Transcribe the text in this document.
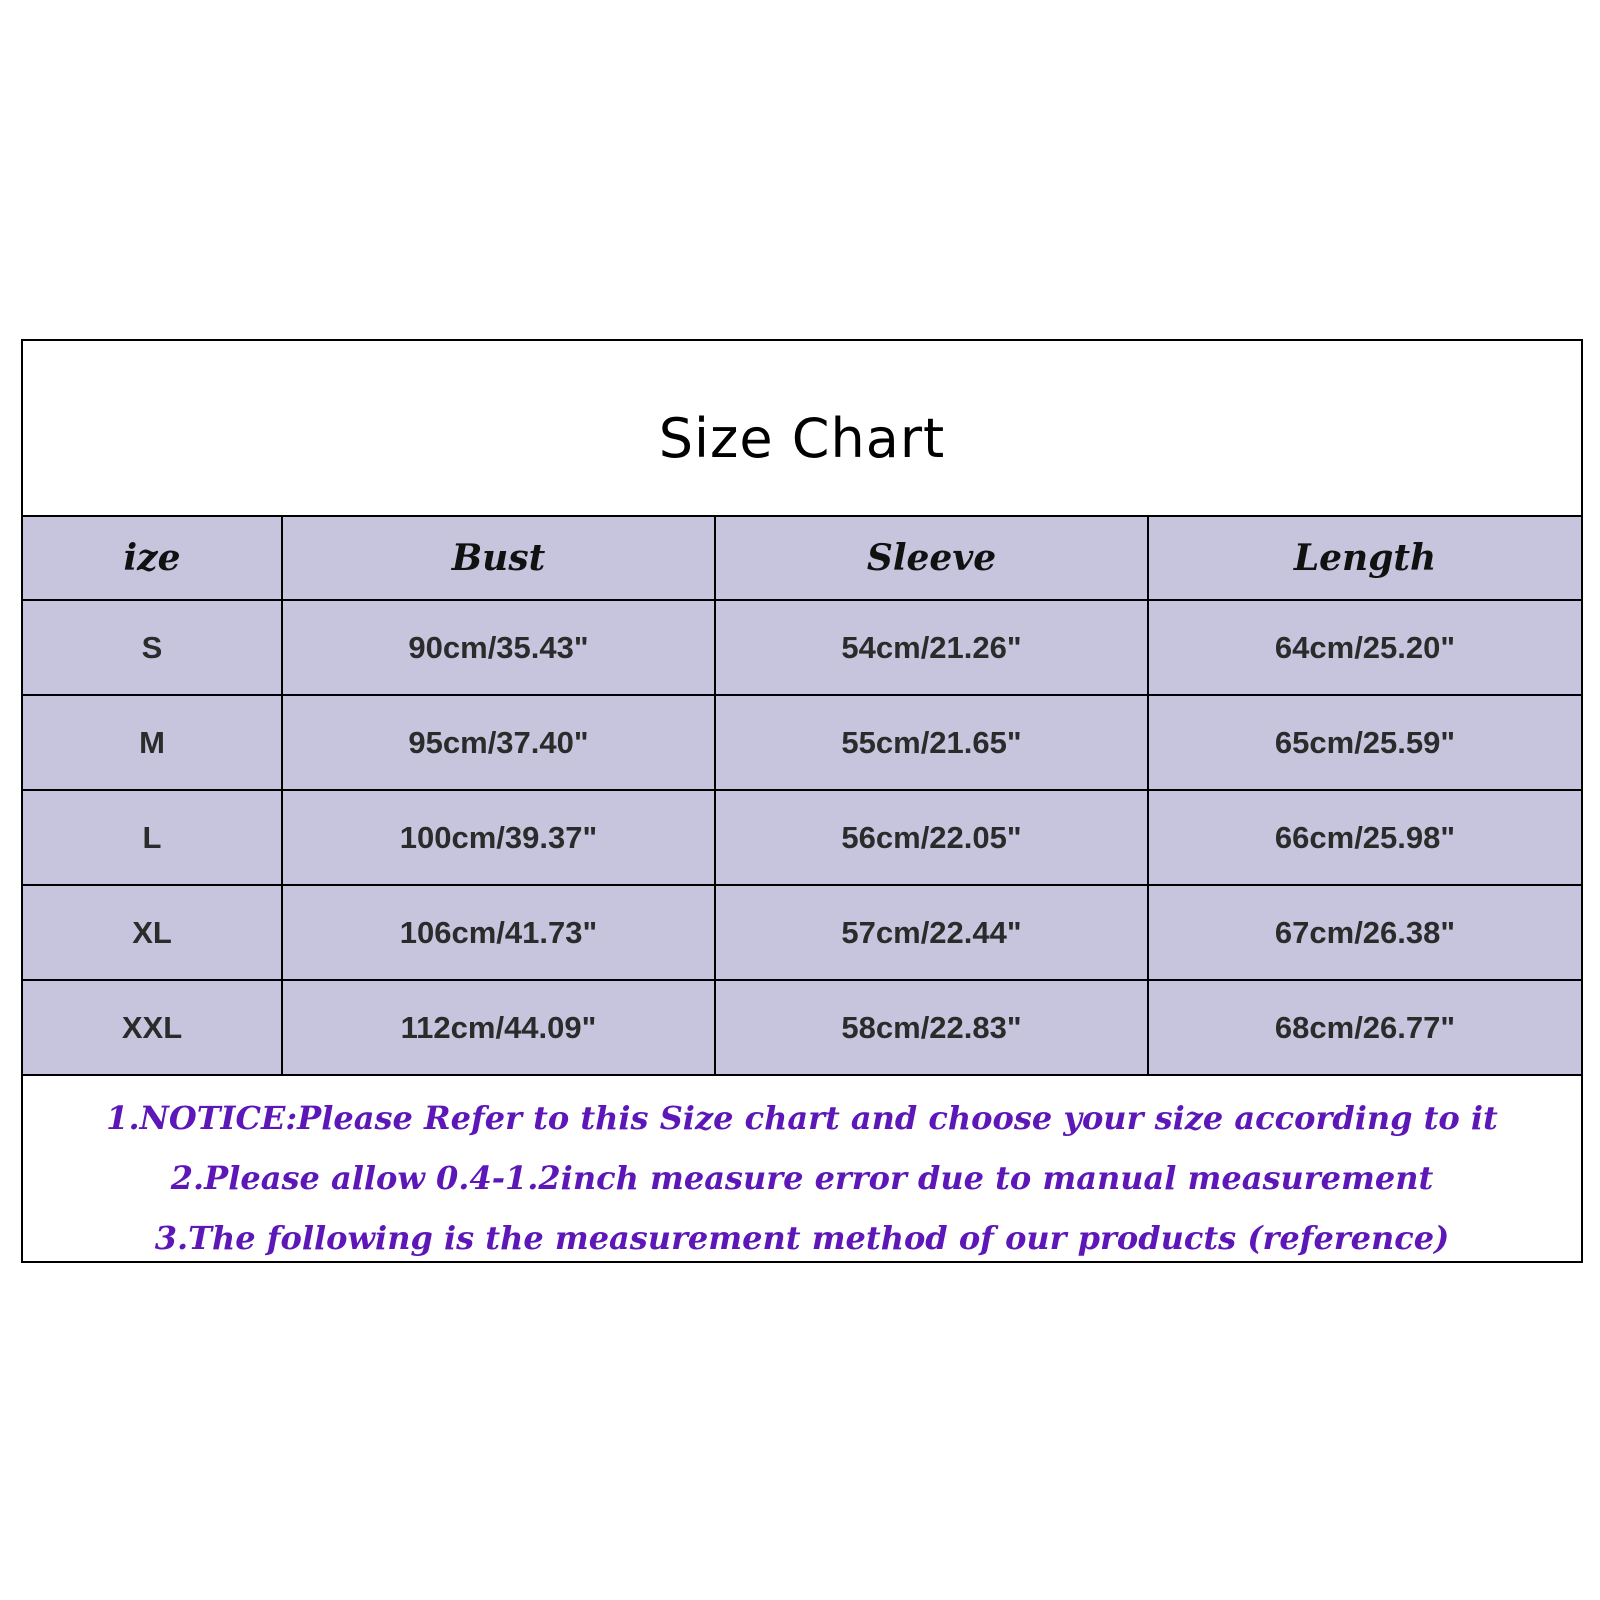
Size Chart
ize	Bust	Sleeve	Length
S	90cm/35.43"	54cm/21.26"	64cm/25.20"
M	95cm/37.40"	55cm/21.65"	65cm/25.59"
L	100cm/39.37"	56cm/22.05"	66cm/25.98"
XL	106cm/41.73"	57cm/22.44"	67cm/26.38"
XXL	112cm/44.09"	58cm/22.83"	68cm/26.77"
1.NOTICE:Please Refer to this Size chart and choose your size according to it
2.Please allow 0.4-1.2inch measure error due to manual measurement
3.The following is the measurement method of our products (reference)
